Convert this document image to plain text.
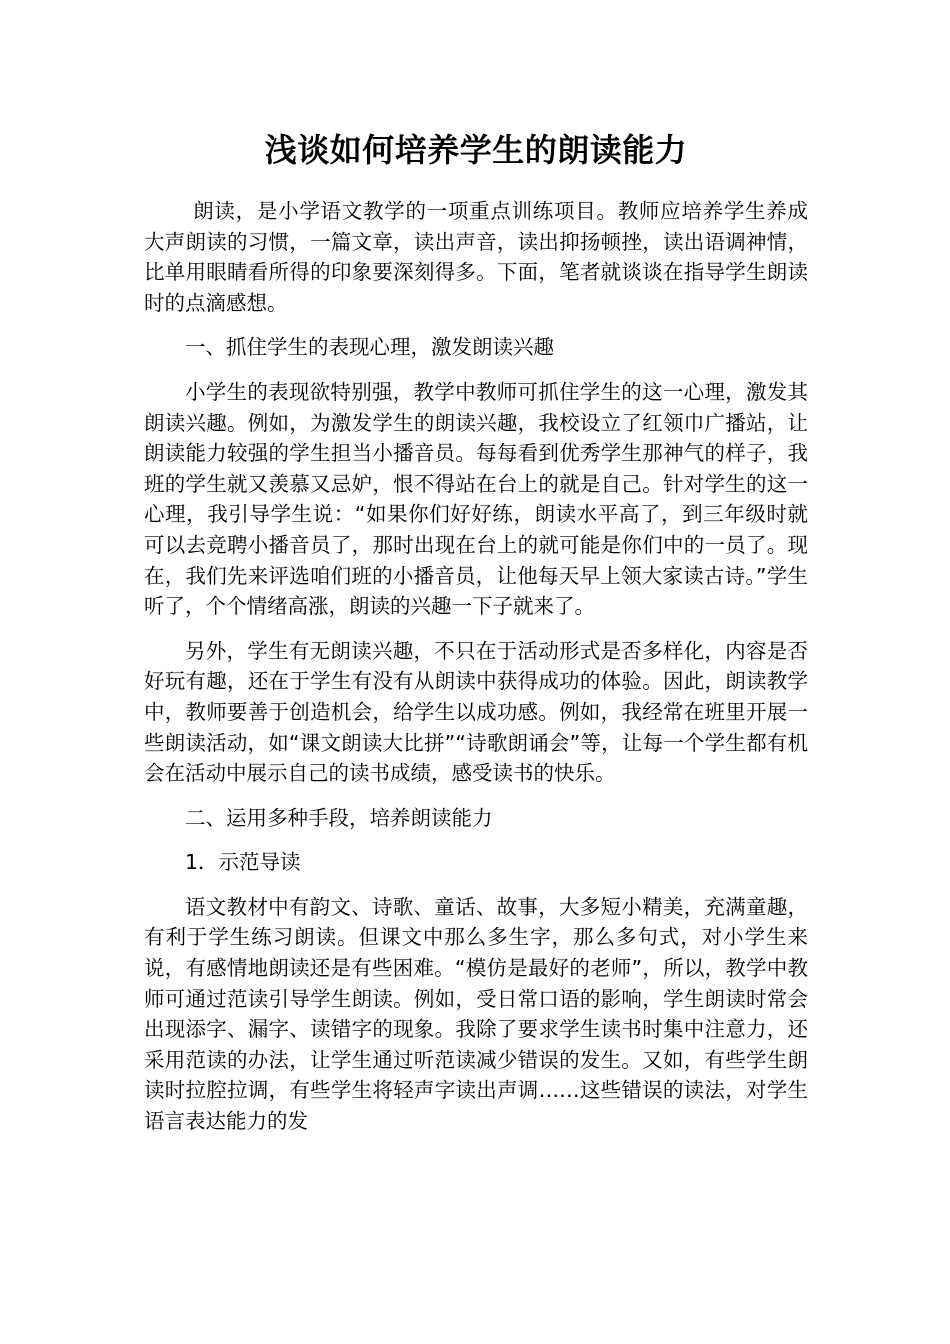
浅谈如何培养学生的朗读能力

朗读，是小学语文教学的一项重点训练项目。教师应培养学生养成大声朗读的习惯，一篇文章，读出声音，读出抑扬顿挫，读出语调神情，比单用眼睛看所得的印象要深刻得多。下面，笔者就谈谈在指导学生朗读时的点滴感想。

一、抓住学生的表现心理，激发朗读兴趣

小学生的表现欲特别强，教学中教师可抓住学生的这一心理，激发其朗读兴趣。例如，为激发学生的朗读兴趣，我校设立了红领巾广播站，让朗读能力较强的学生担当小播音员。每每看到优秀学生那神气的样子，我班的学生就又羡慕又忌妒，恨不得站在台上的就是自己。针对学生的这一心理，我引导学生说：“如果你们好好练，朗读水平高了，到三年级时就可以去竞聘小播音员了，那时出现在台上的就可能是你们中的一员了。现在，我们先来评选咱们班的小播音员，让他每天早上领大家读古诗。”学生听了，个个情绪高涨，朗读的兴趣一下子就来了。

另外，学生有无朗读兴趣，不只在于活动形式是否多样化，内容是否好玩有趣，还在于学生有没有从朗读中获得成功的体验。因此，朗读教学中，教师要善于创造机会，给学生以成功感。例如，我经常在班里开展一些朗读活动，如“课文朗读大比拼”“诗歌朗诵会”等，让每一个学生都有机会在活动中展示自己的读书成绩，感受读书的快乐。

二、运用多种手段，培养朗读能力

1．示范导读

语文教材中有韵文、诗歌、童话、故事，大多短小精美，充满童趣，有利于学生练习朗读。但课文中那么多生字，那么多句式，对小学生来说，有感情地朗读还是有些困难。“模仿是最好的老师”，所以，教学中教师可通过范读引导学生朗读。例如，受日常口语的影响，学生朗读时常会出现添字、漏字、读错字的现象。我除了要求学生读书时集中注意力，还采用范读的办法，让学生通过听范读减少错误的发生。又如，有些学生朗读时拉腔拉调，有些学生将轻声字读出声调……这些错误的读法，对学生语言表达能力的发
